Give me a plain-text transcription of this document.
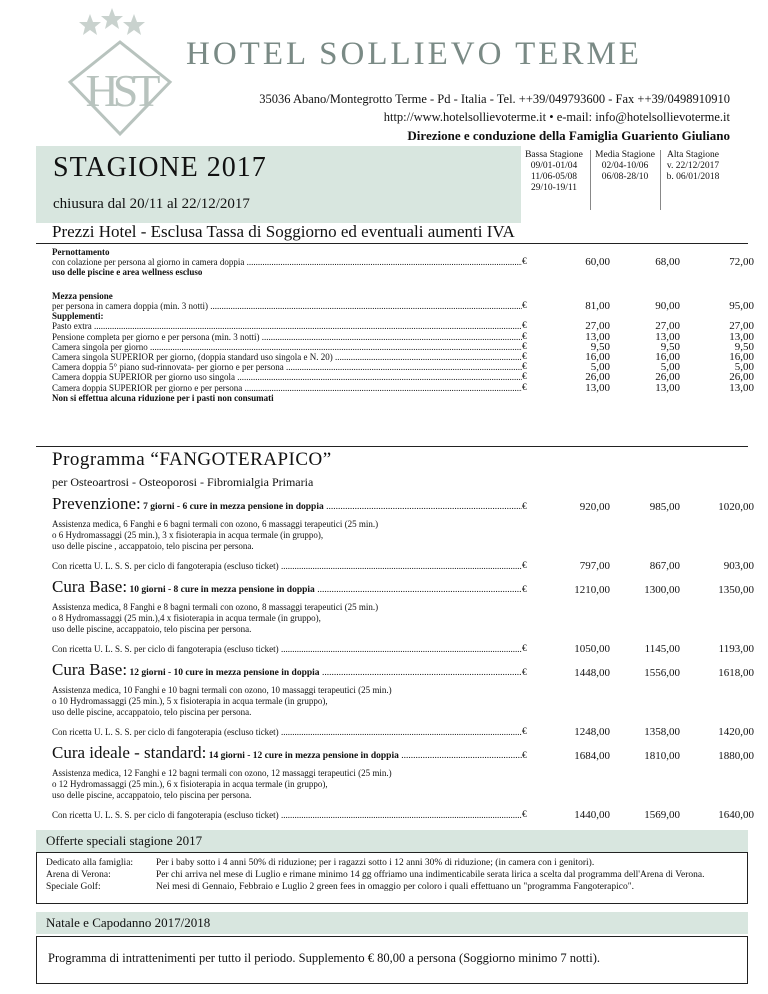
HST
HOTEL SOLLIEVO TERME
35036 Abano/Montegrotto Terme - Pd - Italia - Tel. ++39/049793600 - Fax ++39/0498910910
http://www.hotelsollievoterme.it • e-mail: info@hotelsollievoterme.it
Direzione e conduzione della Famiglia Guariento Giuliano
STAGIONE 2017
chiusura dal 20/11 al 22/12/2017
Bassa Stagione
09/01-01/04
11/06-05/08
29/10-19/11
Media Stagione
02/04-10/06
06/08-28/10
Alta Stagione
v. 22/12/2017
b. 06/01/2018
Prezzi Hotel - Esclusa Tassa di Soggiorno ed eventuali aumenti IVA
Pernottamento
con colazione per persona al giorno in camera doppia .....	€	60,00	68,00	72,00
uso delle piscine e area wellness escluso
Mezza pensione
per persona in camera doppia (min. 3 notti) .....	€	81,00	90,00	95,00
Supplementi:
Pasto extra .....	€	27,00	27,00	27,00
Pensione completa per giorno e per persona (min. 3 notti) .....	€	13,00	13,00	13,00
Camera singola per giorno .....	€	9,50	9,50	9,50
Camera singola SUPERIOR per giorno, (doppia standard uso singola e N. 20) .....	€	16,00	16,00	16,00
Camera doppia 5° piano sud-rinnovata- per giorno e per persona .....	€	5,00	5,00	5,00
Camera doppia SUPERIOR per giorno uso singola .....	€	26,00	26,00	26,00
Camera doppia SUPERIOR per giorno e per persona .....	€	13,00	13,00	13,00
Non si effettua alcuna riduzione per i pasti non consumati
Programma “FANGOTERAPICO”
per Osteoartrosi - Osteoporosi - Fibromialgia Primaria
Prevenzione: 7 giorni - 6 cure in mezza pensione in doppia .....	€	920,00	985,00	1020,00
Assistenza medica, 6 Fanghi e 6 bagni termali con ozono, 6 massaggi terapeutici (25 min.)
o 6 Hydromassaggi (25 min.), 3 x fisioterapia in acqua termale (in gruppo),
uso delle piscine , accappatoio, telo piscina per persona.
Con ricetta U. L. S. S. per ciclo di fangoterapia (escluso ticket) .....	€	797,00	867,00	903,00
Cura Base: 10 giorni - 8 cure in mezza pensione in doppia .....	€	1210,00	1300,00	1350,00
Assistenza medica, 8 Fanghi e 8 bagni termali con ozono, 8 massaggi terapeutici (25 min.)
o 8 Hydromassaggi (25 min.),4 x fisioterapia in acqua termale (in gruppo),
uso delle piscine, accappatoio, telo piscina per persona.
Con ricetta U. L. S. S. per ciclo di fangoterapia (escluso ticket) .....	€	1050,00	1145,00	1193,00
Cura Base: 12 giorni - 10 cure in mezza pensione in doppia .....	€	1448,00	1556,00	1618,00
Assistenza medica, 10 Fanghi e 10 bagni termali con ozono, 10 massaggi terapeutici (25 min.)
o 10 Hydromassaggi (25 min.), 5 x fisioterapia in acqua termale (in gruppo),
uso delle piscine, accappatoio, telo piscina per persona.
Con ricetta U. L. S. S. per ciclo di fangoterapia (escluso ticket) .....	€	1248,00	1358,00	1420,00
Cura ideale - standard: 14 giorni - 12 cure in mezza pensione in doppia .....	€	1684,00	1810,00	1880,00
Assistenza medica, 12 Fanghi e 12 bagni termali con ozono, 12 massaggi terapeutici (25 min.)
o 12 Hydromassaggi (25 min.), 6 x fisioterapia in acqua termale (in gruppo),
uso delle piscine, accappatoio, telo piscina per persona.
Con ricetta U. L. S. S. per ciclo di fangoterapia (escluso ticket) .....	€	1440,00	1569,00	1640,00
Offerte speciali stagione 2017
Dedicato alla famiglia:	Per i baby sotto i 4 anni 50% di riduzione; per i ragazzi sotto i 12 anni 30% di riduzione; (in camera con i genitori).
Arena di Verona:	Per chi arriva nel mese di Luglio e rimane minimo 14 gg offriamo una indimenticabile serata lirica a scelta dal programma dell'Arena di Verona.
Speciale Golf:	Nei mesi di Gennaio, Febbraio e Luglio 2 green fees in omaggio per coloro i quali effettuano un "programma Fangoterapico".
Natale e Capodanno 2017/2018
Programma di intrattenimenti per tutto il periodo. Supplemento € 80,00 a persona (Soggiorno minimo 7 notti).
